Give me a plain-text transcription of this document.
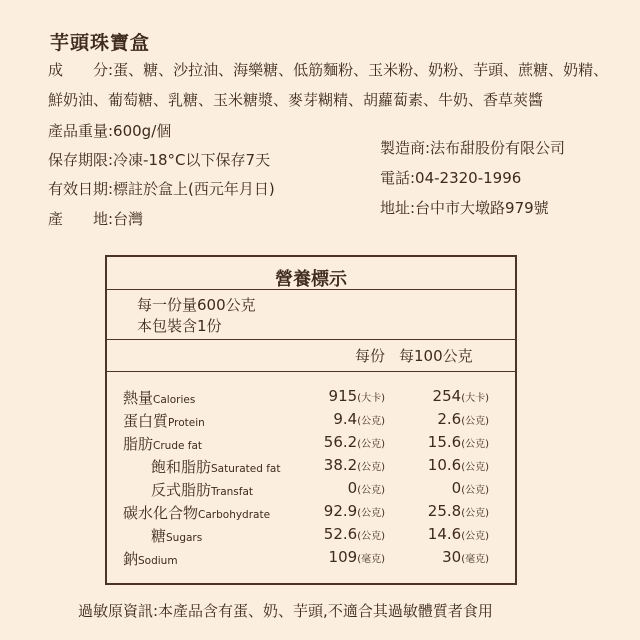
芋頭珠寶盒
成　　分:蛋、糖、沙拉油、海樂糖、低筋麵粉、玉米粉、奶粉、芋頭、蔗糖、奶精、
鮮奶油、葡萄糖、乳糖、玉米糖漿、麥芽糊精、胡蘿蔔素、牛奶、香草莢醬
產品重量:600g/個
保存期限:冷凍-18°C以下保存7天
有效日期:標註於盒上(西元年月日)
產　　地:台灣
製造商:法布甜股份有限公司
電話:04-2320-1996
地址:台中市大墩路979號
營養標示
每一份量600公克
本包裝含1份
每份 每100公克
熱量Calories	915(大卡)	254(大卡)
蛋白質Protein	9.4(公克)	2.6(公克)
脂肪Crude fat	56.2(公克)	15.6(公克)
飽和脂肪Saturated fat	38.2(公克)	10.6(公克)
反式脂肪Transfat	0(公克)	0(公克)
碳水化合物Carbohydrate	92.9(公克)	25.8(公克)
糖Sugars	52.6(公克)	14.6(公克)
鈉Sodium	109(毫克)	30(毫克)
過敏原資訊:本產品含有蛋、奶、芋頭,不適合其過敏體質者食用
